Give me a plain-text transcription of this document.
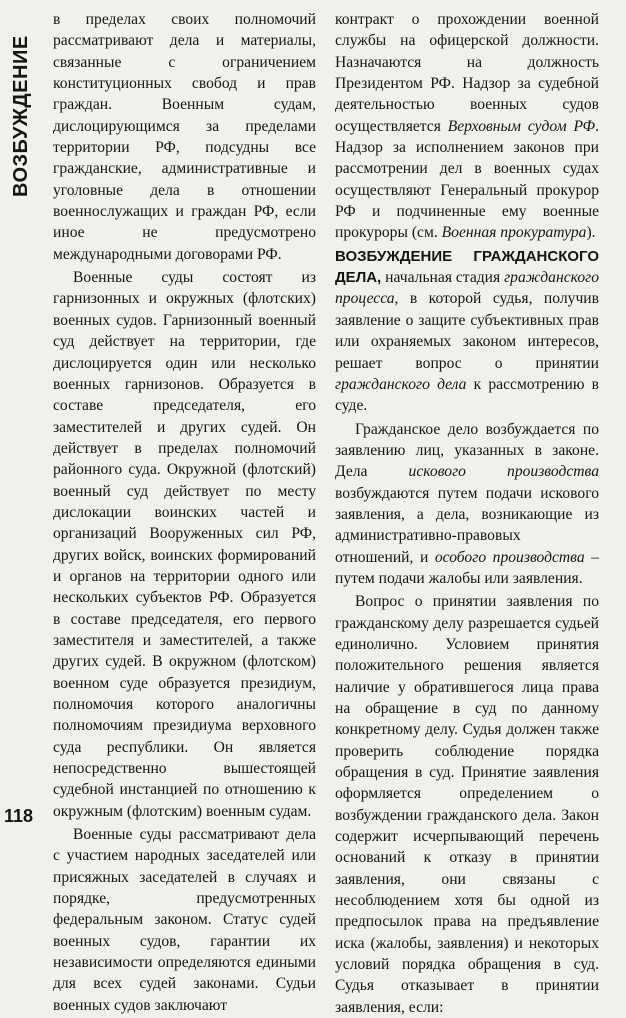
ВОЗБУЖДЕНИЕ

в пределах своих полномочий рассматривают дела и материалы, связанные с ограничением конституционных свобод и прав граждан. Военным судам, дислоцирующимся за пределами территории РФ, подсудны все гражданские, административные и уголовные дела в отношении военнослужащих и граждан РФ, если иное не предусмотрено международными договорами РФ.

Военные суды состоят из гарнизонных и окружных (флотских) военных судов. Гарнизонный военный суд действует на территории, где дислоцируется один или несколько военных гарнизонов. Образуется в составе председателя, его заместителей и других судей. Он действует в пределах полномочий районного суда. Окружной (флотский) военный суд действует по месту дислокации воинских частей и организаций Вооруженных сил РФ, других войск, воинских формирований и органов на территории одного или нескольких субъектов РФ. Образуется в составе председателя, его первого заместителя и заместителей, а также других судей. В окружном (флотском) военном суде образуется президиум, полномочия которого аналогичны полномочиям президиума верховного суда республики. Он является непосредственно вышестоящей судебной инстанцией по отношению к окружным (флотским) военным судам.

Военные суды рассматривают дела с участием народных заседателей или присяжных заседателей в случаях и порядке, предусмотренных федеральным законом. Статус судей военных судов, гарантии их независимости определяются едиными для всех судей законами. Судьи военных судов заключают

контракт о прохождении военной службы на офицерской должности. Назначаются на должность Президентом РФ. Надзор за судебной деятельностью военных судов осуществляется Верховным судом РФ. Надзор за исполнением законов при рассмотрении дел в военных судах осуществляют Генеральный прокурор РФ и подчиненные ему военные прокуроры (см. Военная прокуратура).

ВОЗБУЖДЕНИЕ ГРАЖДАНСКОГО ДЕЛА, начальная стадия гражданского процесса, в которой судья, получив заявление о защите субъективных прав или охраняемых законом интересов, решает вопрос о принятии гражданского дела к рассмотрению в суде.

Гражданское дело возбуждается по заявлению лиц, указанных в законе. Дела искового производства возбуждаются путем подачи искового заявления, а дела, возникающие из административно-правовых отношений, и особого производства – путем подачи жалобы или заявления.

Вопрос о принятии заявления по гражданскому делу разрешается судьей единолично. Условием принятия положительного решения является наличие у обратившегося лица права на обращение в суд по данному конкретному делу. Судья должен также проверить соблюдение порядка обращения в суд. Принятие заявления оформляется определением о возбуждении гражданского дела. Закон содержит исчерпывающий перечень оснований к отказу в принятии заявления, они связаны с несоблюдением хотя бы одной из предпосылок права на предъявление иска (жалобы, заявления) и некоторых условий порядка обращения в суд. Судья отказывает в принятии заявления, если:

118
